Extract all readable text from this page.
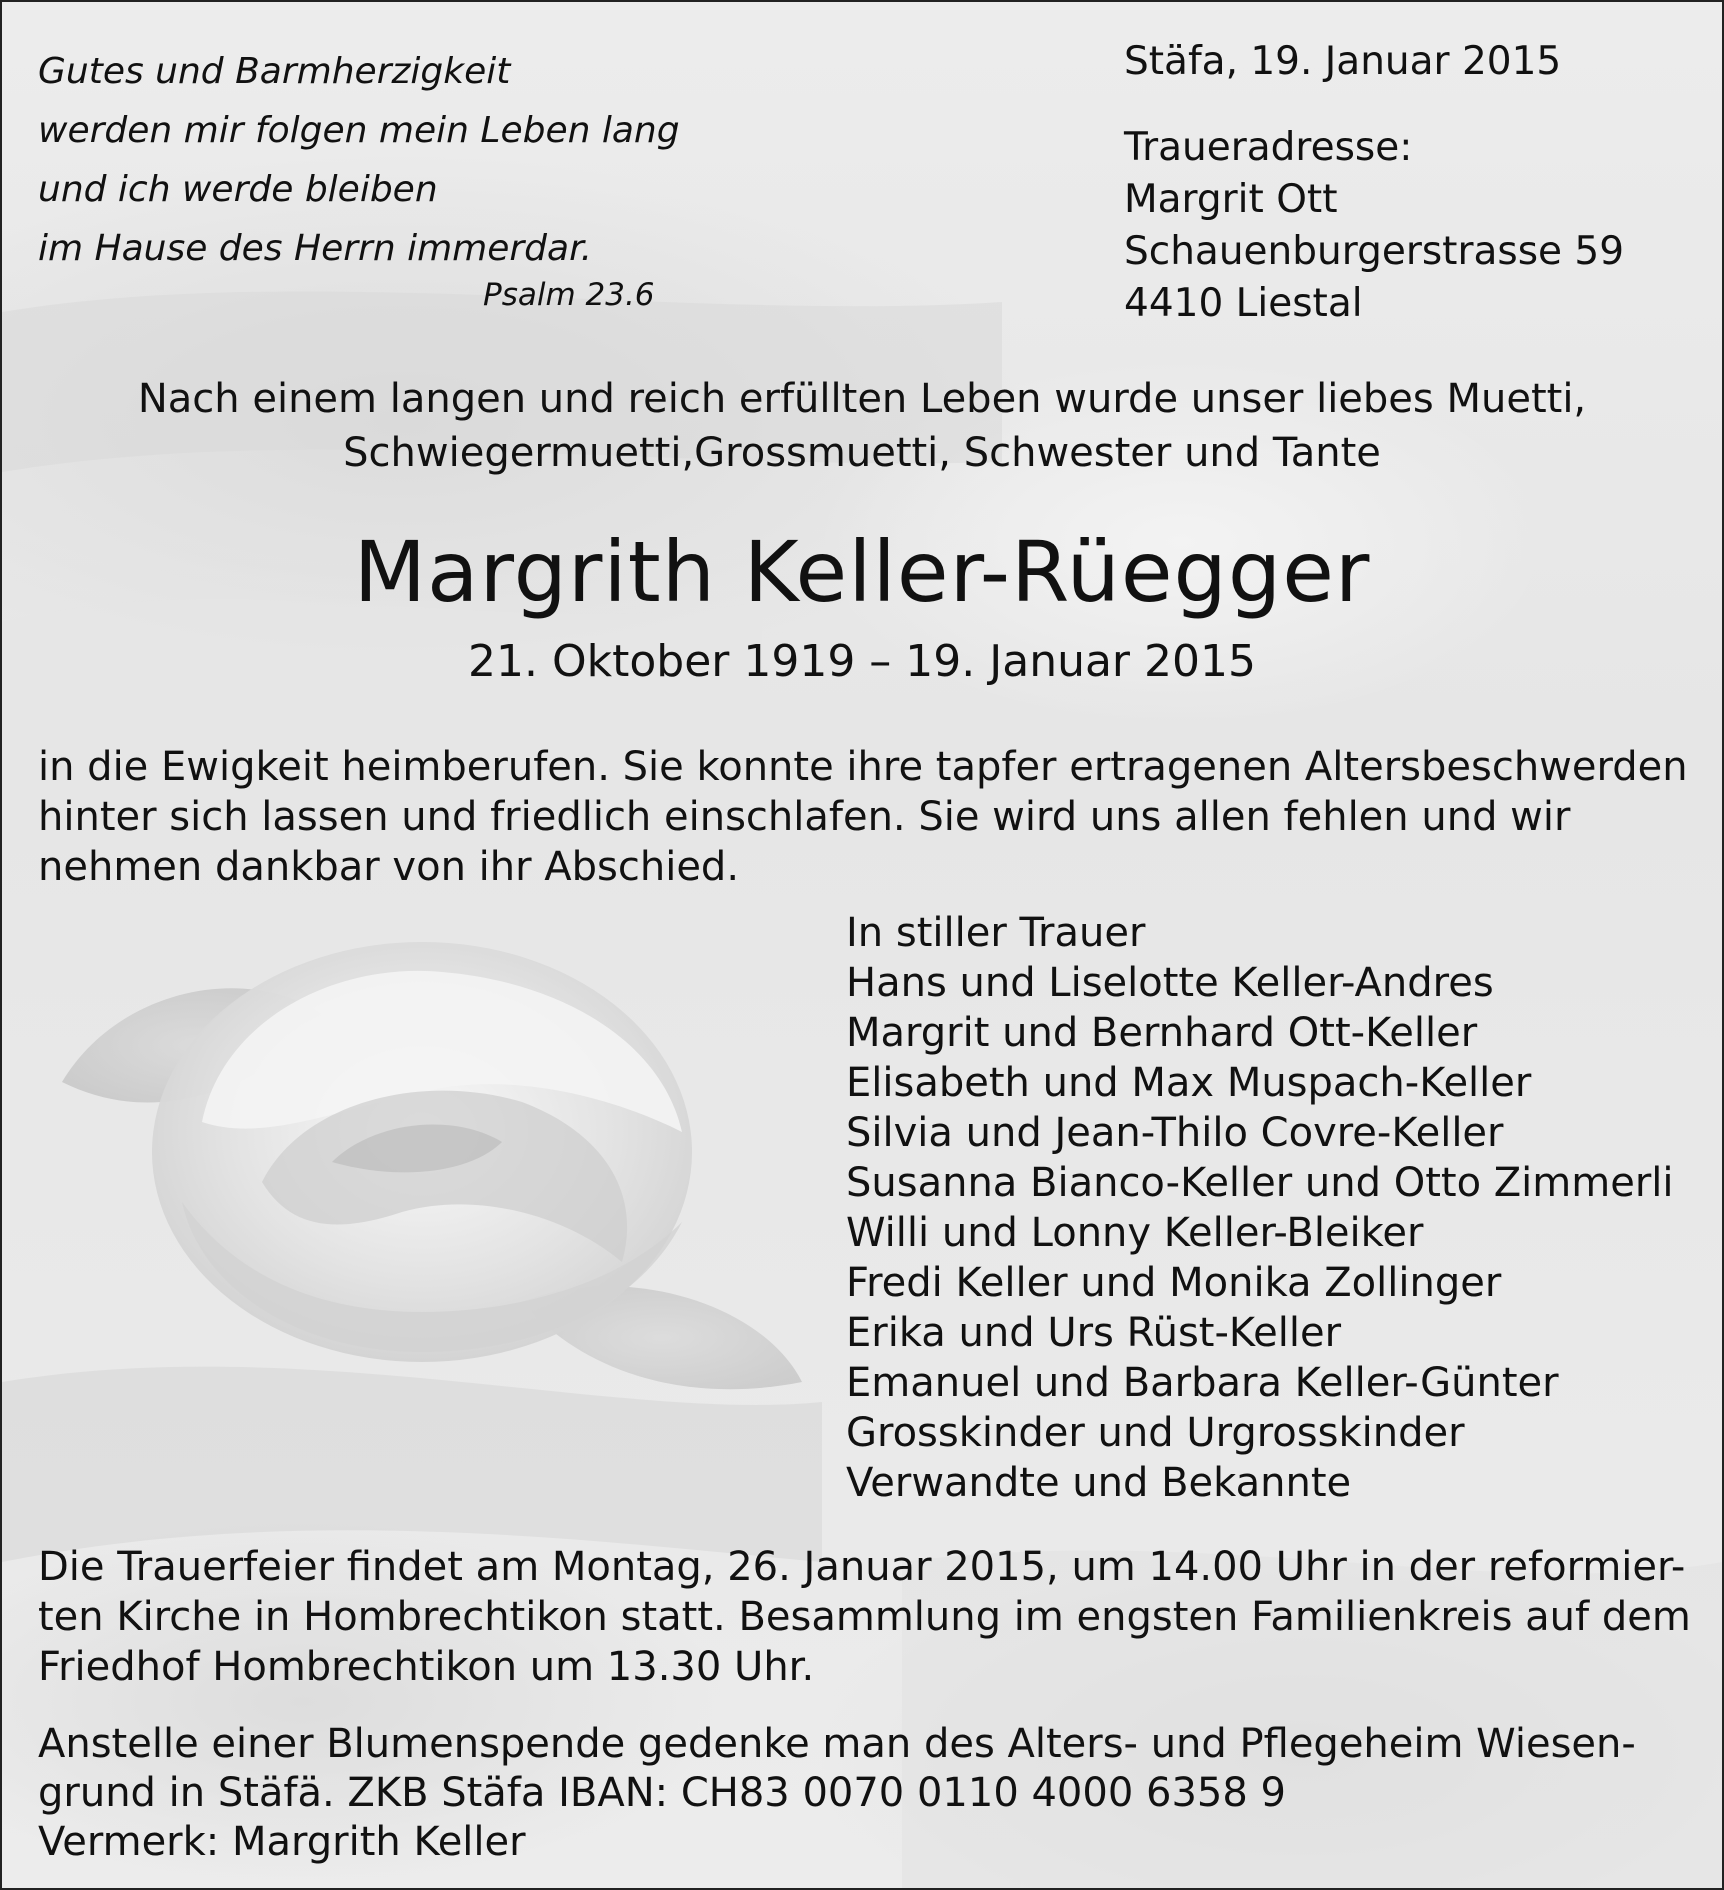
Gutes und Barmherzigkeit
werden mir folgen mein Leben lang
und ich werde bleiben
im Hause des Herrn immerdar.
Psalm 23.6
Stäfa, 19. Januar 2015
Traueradresse:
Margrit Ott
Schauenburgerstrasse 59
4410 Liestal
Nach einem langen und reich erfüllten Leben wurde unser liebes Muetti,
Schwiegermuetti,Grossmuetti, Schwester und Tante
Margrith Keller-Rüegger
21. Oktober 1919 – 19. Januar 2015
in die Ewigkeit heimberufen. Sie konnte ihre tapfer ertragenen Altersbeschwerden
hinter sich lassen und friedlich einschlafen. Sie wird uns allen fehlen und wir
nehmen dankbar von ihr Abschied.
In stiller Trauer
Hans und Liselotte Keller-Andres
Margrit und Bernhard Ott-Keller
Elisabeth und Max Muspach-Keller
Silvia und Jean-Thilo Covre-Keller
Susanna Bianco-Keller und Otto Zimmerli
Willi und Lonny Keller-Bleiker
Fredi Keller und Monika Zollinger
Erika und Urs Rüst-Keller
Emanuel und Barbara Keller-Günter
Grosskinder und Urgrosskinder
Verwandte und Bekannte
Die Trauerfeier findet am Montag, 26. Januar 2015, um 14.00 Uhr in der reformier-
ten Kirche in Hombrechtikon statt. Besammlung im engsten Familienkreis auf dem
Friedhof Hombrechtikon um 13.30 Uhr.
Anstelle einer Blumenspende gedenke man des Alters- und Pflegeheim Wiesen-
grund in Stäfä. ZKB Stäfa IBAN: CH83 0070 0110 4000 6358 9
Vermerk: Margrith Keller
